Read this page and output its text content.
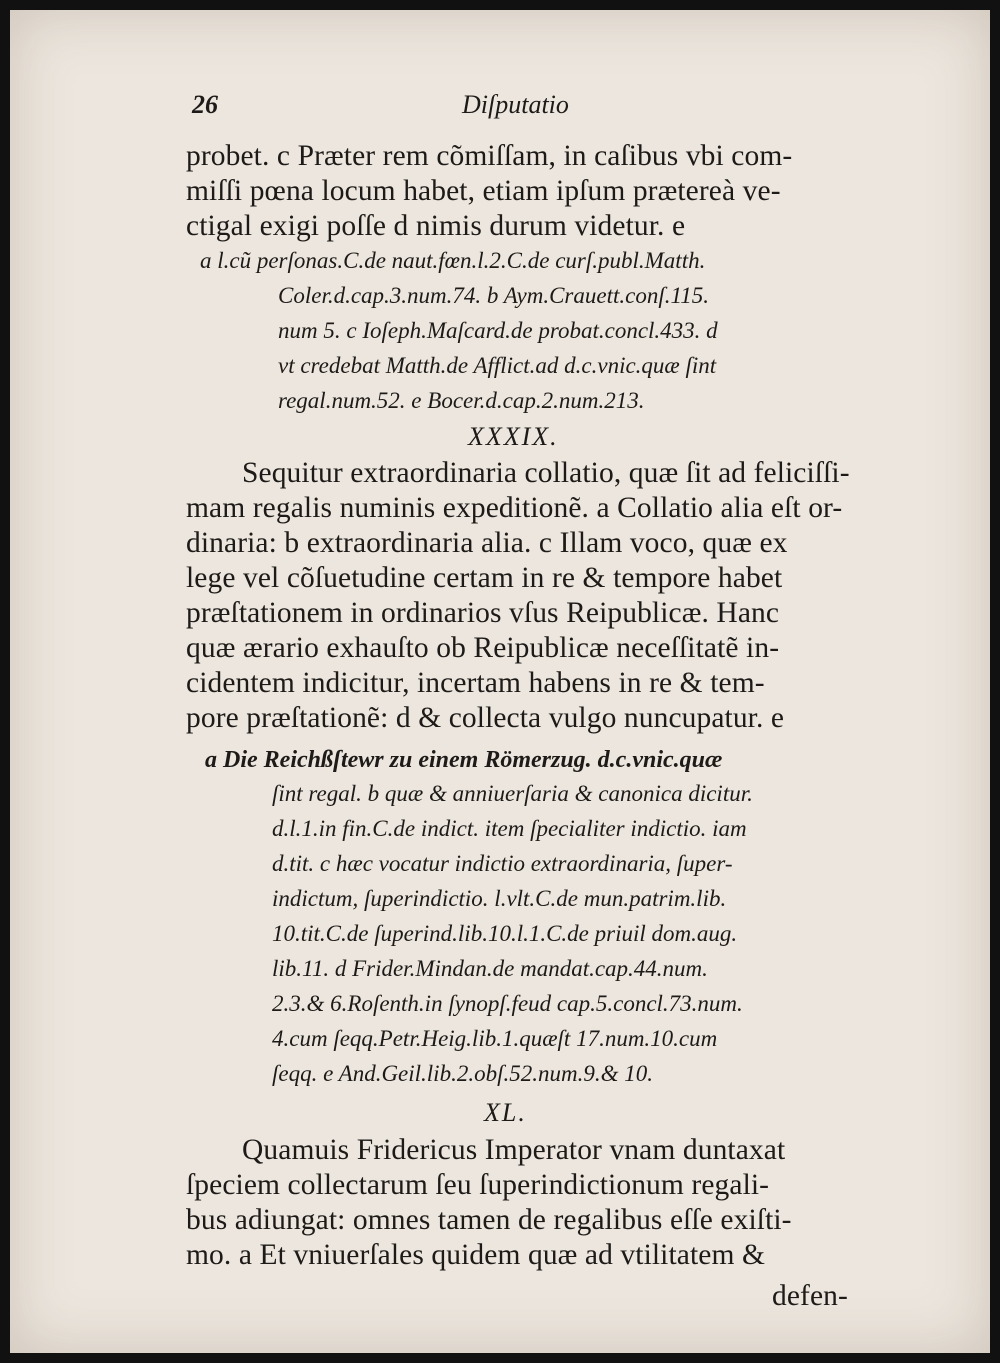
26	Diſputatio
probet. c Præter rem cõmiſſam, in caſibus vbi com-
miſſi pœna locum habet, etiam ipſum prætereà ve-
ctigal exigi poſſe d nimis durum videtur. e
a l.cũ perſonas.C.de naut.fœn.l.2.C.de curſ.publ.Matth.
Coler.d.cap.3.num.74. b Aym.Crauett.conſ.115.
num 5. c Ioſeph.Maſcard.de probat.concl.433. d
vt credebat Matth.de Afflict.ad d.c.vnic.quæ ſint
regal.num.52. e Bocer.d.cap.2.num.213.
XXXIX.
Sequitur extraordinaria collatio, quæ ſit ad feliciſſi-
mam regalis numinis expeditionẽ. a Collatio alia eſt or-
dinaria: b extraordinaria alia. c Illam voco, quæ ex
lege vel cõſuetudine certam in re & tempore habet
præſtationem in ordinarios vſus Reipublicæ. Hanc
quæ ærario exhauſto ob Reipublicæ neceſſitatẽ in-
cidentem indicitur, incertam habens in re & tem-
pore præſtationẽ: d & collecta vulgo nuncupatur. e
a Die Reichßſtewr zu einem Römerzug. d.c.vnic.quæ
ſint regal. b quæ & anniuerſaria & canonica dicitur.
d.l.1.in fin.C.de indict. item ſpecialiter indictio. iam
d.tit. c hæc vocatur indictio extraordinaria, ſuper-
indictum, ſuperindictio. l.vlt.C.de mun.patrim.lib.
10.tit.C.de ſuperind.lib.10.l.1.C.de priuil dom.aug.
lib.11. d Frider.Mindan.de mandat.cap.44.num.
2.3.& 6.Roſenth.in ſynopſ.feud cap.5.concl.73.num.
4.cum ſeqq.Petr.Heig.lib.1.quæſt 17.num.10.cum
ſeqq. e And.Geil.lib.2.obſ.52.num.9.& 10.
XL.
Quamuis Fridericus Imperator vnam duntaxat
ſpeciem collectarum ſeu ſuperindictionum regali-
bus adiungat: omnes tamen de regalibus eſſe exiſti-
mo. a Et vniuerſales quidem quæ ad vtilitatem &
defen-
